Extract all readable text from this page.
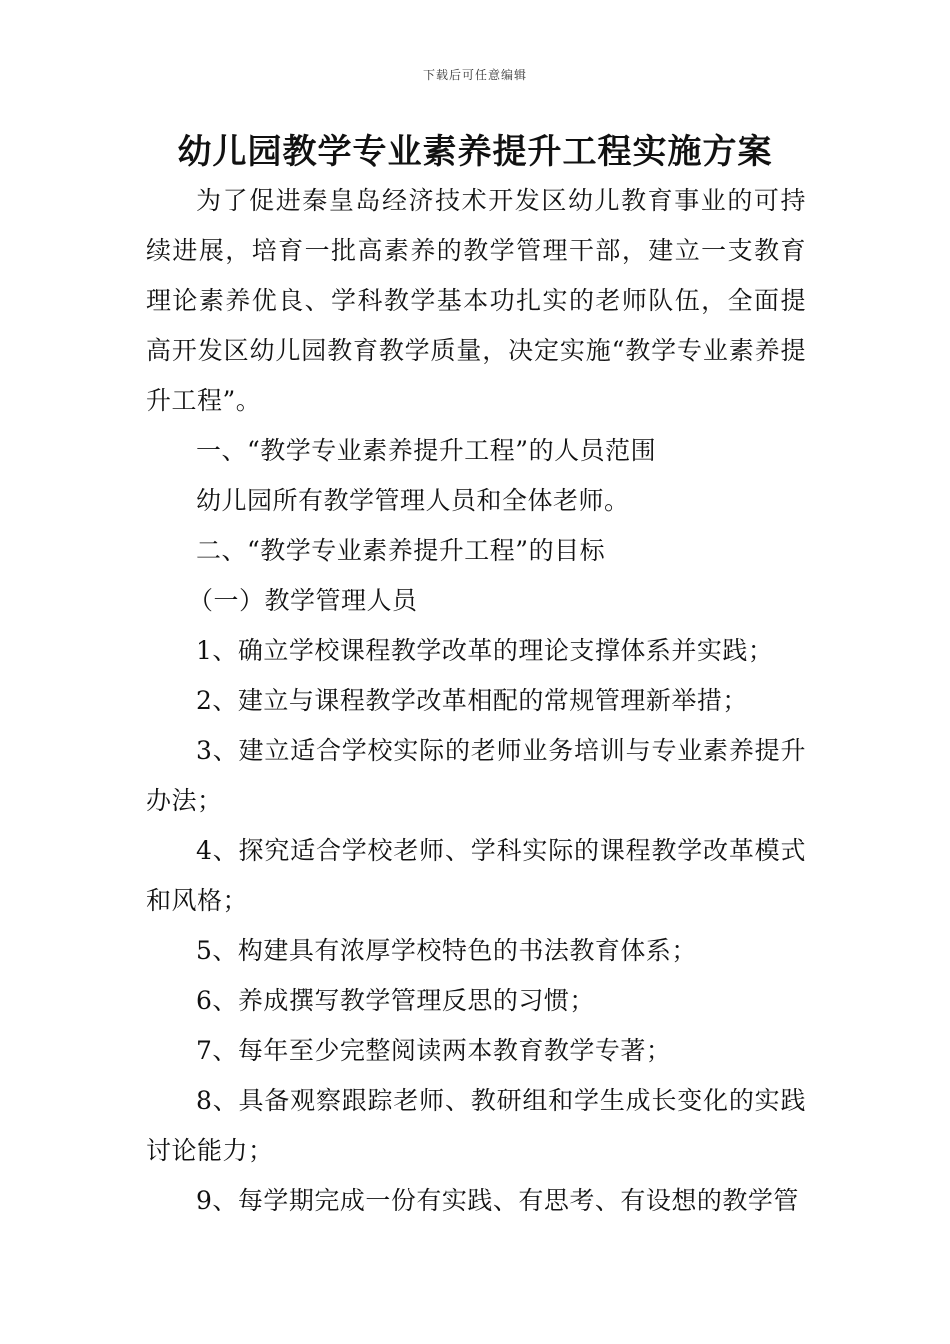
下载后可任意编辑
幼儿园教学专业素养提升工程实施方案

为了促进秦皇岛经济技术开发区幼儿教育事业的可持续进展，培育一批高素养的教学管理干部，建立一支教育理论素养优良、学科教学基本功扎实的老师队伍，全面提高开发区幼儿园教育教学质量，决定实施“教学专业素养提升工程”。

一、“教学专业素养提升工程”的人员范围

幼儿园所有教学管理人员和全体老师。

二、“教学专业素养提升工程”的目标

（一）教学管理人员

1、确立学校课程教学改革的理论支撑体系并实践；

2、建立与课程教学改革相配的常规管理新举措；

3、建立适合学校实际的老师业务培训与专业素养提升办法；

4、探究适合学校老师、学科实际的课程教学改革模式和风格；

5、构建具有浓厚学校特色的书法教育体系；

6、养成撰写教学管理反思的习惯；

7、每年至少完整阅读两本教育教学专著；

8、具备观察跟踪老师、教研组和学生成长变化的实践讨论能力；

9、每学期完成一份有实践、有思考、有设想的教学管
